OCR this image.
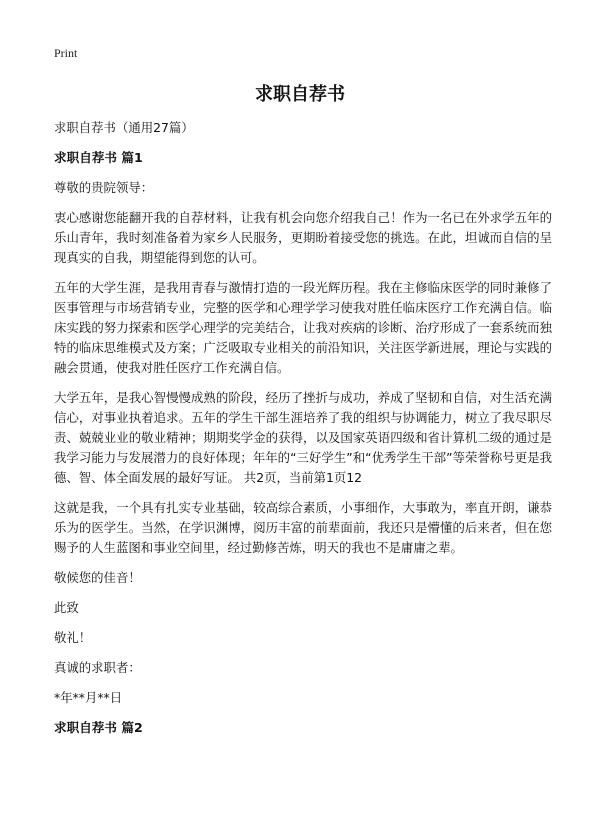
Print
求职自荐书

求职自荐书（通用27篇）

求职自荐书 篇1

尊敬的贵院领导：

衷心感谢您能翻开我的自荐材料，让我有机会向您介绍我自己！作为一名已在外求学五年的乐山青年，我时刻准备着为家乡人民服务，更期盼着接受您的挑选。在此，坦诚而自信的呈现真实的自我，期望能得到您的认可。

五年的大学生涯，是我用青春与激情打造的一段光辉历程。我在主修临床医学的同时兼修了医事管理与市场营销专业，完整的医学和心理学学习使我对胜任临床医疗工作充满自信。临床实践的努力探索和医学心理学的完美结合，让我对疾病的诊断、治疗形成了一套系统而独特的临床思维模式及方案；广泛吸取专业相关的前沿知识，关注医学新进展，理论与实践的融会贯通，使我对胜任医疗工作充满自信。

大学五年，是我心智慢慢成熟的阶段，经历了挫折与成功，养成了坚韧和自信，对生活充满信心，对事业执着追求。五年的学生干部生涯培养了我的组织与协调能力，树立了我尽职尽责、兢兢业业的敬业精神；期期奖学金的获得，以及国家英语四级和省计算机二级的通过是我学习能力与发展潜力的良好体现；年年的“三好学生”和“优秀学生干部”等荣誉称号更是我德、智、体全面发展的最好写证。 共2页，当前第1页12

这就是我，一个具有扎实专业基础，较高综合素质，小事细作，大事敢为，率直开朗，谦恭乐为的医学生。当然，在学识渊博，阅历丰富的前辈面前，我还只是懵懂的后来者，但在您赐予的人生蓝图和事业空间里，经过勤修苦炼，明天的我也不是庸庸之辈。

敬候您的佳音！

此致

敬礼！

真诚的求职者：

*年**月**日

求职自荐书 篇2
